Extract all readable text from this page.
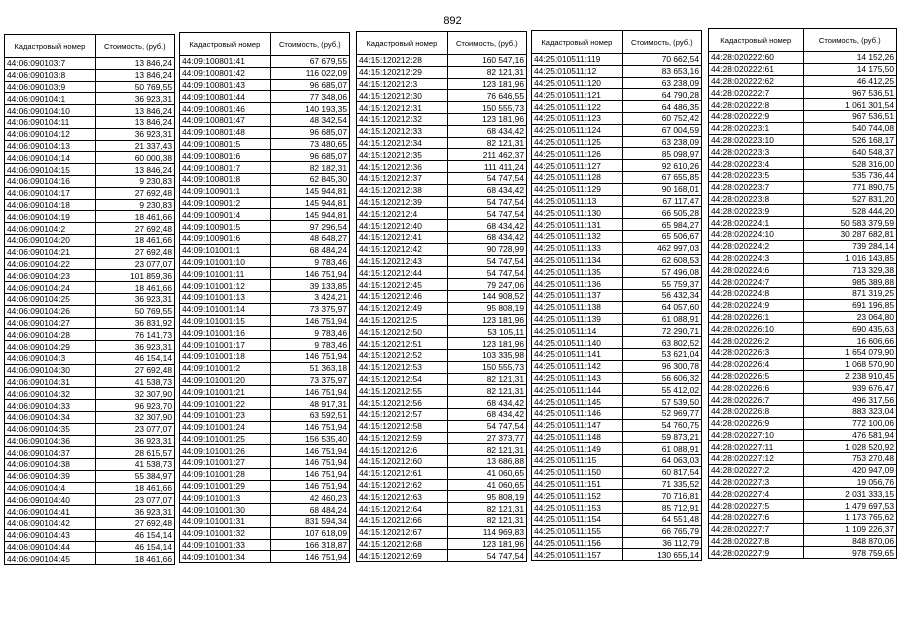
892
Кадастровый номер	Стоимость, (руб.)
44:06:090103:7	13 846,24
44:06:090103:8	13 846,24
44:06:090103:9	50 769,55
44:06:090104:1	36 923,31
44:06:090104:10	13 846,24
44:06:090104:11	13 846,24
44:06:090104:12	36 923,31
44:06:090104:13	21 337,43
44:06:090104:14	60 000,38
44:06:090104:15	13 846,24
44:06:090104:16	9 230,83
44:06:090104:17	27 692,48
44:06:090104:18	9 230,83
44:06:090104:19	18 461,66
44:06:090104:2	27 692,48
44:06:090104:20	18 461,66
44:06:090104:21	27 692,48
44:06:090104:22	23 077,07
44:06:090104:23	101 859,36
44:06:090104:24	18 461,66
44:06:090104:25	36 923,31
44:06:090104:26	50 769,55
44:06:090104:27	36 831,92
44:06:090104:28	76 141,73
44:06:090104:29	36 923,31
44:06:090104:3	46 154,14
44:06:090104:30	27 692,48
44:06:090104:31	41 538,73
44:06:090104:32	32 307,90
44:06:090104:33	96 923,70
44:06:090104:34	32 307,90
44:06:090104:35	23 077,07
44:06:090104:36	36 923,31
44:06:090104:37	28 615,57
44:06:090104:38	41 538,73
44:06:090104:39	55 384,97
44:06:090104:4	18 461,66
44:06:090104:40	23 077,07
44:06:090104:41	36 923,31
44:06:090104:42	27 692,48
44:06:090104:43	46 154,14
44:06:090104:44	46 154,14
44:06:090104:45	18 461,66
Кадастровый номер	Стоимость, (руб.)
44:09:100801:41	67 679,55
44:09:100801:42	116 022,09
44:09:100801:43	96 685,07
44:09:100801:44	77 348,06
44:09:100801:46	140 193,35
44:09:100801:47	48 342,54
44:09:100801:48	96 685,07
44:09:100801:5	73 480,65
44:09:100801:6	96 685,07
44:09:100801:7	82 182,31
44:09:100801:8	62 845,30
44:09:100901:1	145 944,81
44:09:100901:2	145 944,81
44:09:100901:4	145 944,81
44:09:100901:5	97 296,54
44:09:100901:6	48 648,27
44:09:101001:1	68 484,24
44:09:101001:10	9 783,46
44:09:101001:11	146 751,94
44:09:101001:12	39 133,85
44:09:101001:13	3 424,21
44:09:101001:14	73 375,97
44:09:101001:15	146 751,94
44:09:101001:16	9 783,46
44:09:101001:17	9 783,46
44:09:101001:18	146 751,94
44:09:101001:2	51 363,18
44:09:101001:20	73 375,97
44:09:101001:21	146 751,94
44:09:101001:22	48 917,31
44:09:101001:23	63 592,51
44:09:101001:24	146 751,94
44:09:101001:25	156 535,40
44:09:101001:26	146 751,94
44:09:101001:27	146 751,94
44:09:101001:28	146 751,94
44:09:101001:29	146 751,94
44:09:101001:3	42 460,23
44:09:101001:30	68 484,24
44:09:101001:31	831 594,34
44:09:101001:32	107 618,09
44:09:101001:33	166 318,87
44:09:101001:34	146 751,94
Кадастровый номер	Стоимость, (руб.)
44:15:120212:28	160 547,16
44:15:120212:29	82 121,31
44:15:120212:3	123 181,96
44:15:120212:30	76 646,55
44:15:120212:31	150 555,73
44:15:120212:32	123 181,96
44:15:120212:33	68 434,42
44:15:120212:34	82 121,31
44:15:120212:35	211 462,37
44:15:120212:36	111 411,24
44:15:120212:37	54 747,54
44:15:120212:38	68 434,42
44:15:120212:39	54 747,54
44:15:120212:4	54 747,54
44:15:120212:40	68 434,42
44:15:120212:41	68 434,42
44:15:120212:42	90 728,99
44:15:120212:43	54 747,54
44:15:120212:44	54 747,54
44:15:120212:45	79 247,06
44:15:120212:46	144 908,52
44:15:120212:49	95 808,19
44:15:120212:5	123 181,96
44:15:120212:50	53 105,11
44:15:120212:51	123 181,96
44:15:120212:52	103 335,98
44:15:120212:53	150 555,73
44:15:120212:54	82 121,31
44:15:120212:55	82 121,31
44:15:120212:56	68 434,42
44:15:120212:57	68 434,42
44:15:120212:58	54 747,54
44:15:120212:59	27 373,77
44:15:120212:6	82 121,31
44:15:120212:60	13 686,88
44:15:120212:61	41 060,65
44:15:120212:62	41 060,65
44:15:120212:63	95 808,19
44:15:120212:64	82 121,31
44:15:120212:66	82 121,31
44:15:120212:67	114 969,83
44:15:120212:68	123 181,96
44:15:120212:69	54 747,54
Кадастровый номер	Стоимость, (руб.)
44:25:010511:119	70 662,54
44:25:010511:12	83 653,16
44:25:010511:120	63 238,09
44:25:010511:121	64 790,28
44:25:010511:122	64 486,35
44:25:010511:123	60 752,42
44:25:010511:124	67 004,59
44:25:010511:125	63 238,09
44:25:010511:126	85 098,97
44:25:010511:127	92 610,26
44:25:010511:128	67 655,85
44:25:010511:129	90 168,01
44:25:010511:13	67 117,47
44:25:010511:130	66 505,28
44:25:010511:131	65 984,27
44:25:010511:132	65 506,67
44:25:010511:133	462 997,03
44:25:010511:134	62 608,53
44:25:010511:135	57 496,08
44:25:010511:136	55 759,37
44:25:010511:137	56 432,34
44:25:010511:138	64 057,60
44:25:010511:139	61 088,91
44:25:010511:14	72 290,71
44:25:010511:140	63 802,52
44:25:010511:141	53 621,04
44:25:010511:142	96 300,78
44:25:010511:143	56 606,32
44:25:010511:144	55 412,02
44:25:010511:145	57 539,50
44:25:010511:146	52 969,77
44:25:010511:147	54 760,75
44:25:010511:148	59 873,21
44:25:010511:149	61 088,91
44:25:010511:15	64 063,03
44:25:010511:150	60 817,54
44:25:010511:151	71 335,52
44:25:010511:152	70 716,81
44:25:010511:153	85 712,91
44:25:010511:154	64 551,48
44:25:010511:155	66 765,79
44:25:010511:156	36 112,79
44:25:010511:157	130 655,14
Кадастровый номер	Стоимость, (руб.)
44:28:020222:60	14 152,26
44:28:020222:61	14 175,50
44:28:020222:62	46 412,25
44:28:020222:7	967 536,51
44:28:020222:8	1 061 301,54
44:28:020222:9	967 536,51
44:28:020223:1	540 744,08
44:28:020223:10	526 168,17
44:28:020223:3	640 548,37
44:28:020223:4	528 316,00
44:28:020223:5	535 736,44
44:28:020223:7	771 890,75
44:28:020223:8	527 831,20
44:28:020223:9	528 444,20
44:28:020224:1	50 583 379,59
44:28:020224:10	30 287 682,81
44:28:020224:2	739 284,14
44:28:020224:3	1 016 143,85
44:28:020224:6	713 329,38
44:28:020224:7	985 389,88
44:28:020224:8	871 319,25
44:28:020224:9	691 196,85
44:28:020226:1	23 064,80
44:28:020226:10	690 435,63
44:28:020226:2	16 606,66
44:28:020226:3	1 654 079,90
44:28:020226:4	1 068 570,90
44:28:020226:5	2 238 910,45
44:28:020226:6	939 676,47
44:28:020226:7	496 317,56
44:28:020226:8	883 323,04
44:28:020226:9	772 100,06
44:28:020227:10	476 581,94
44:28:020227:11	1 028 520,92
44:28:020227:12	753 270,48
44:28:020227:2	420 947,09
44:28:020227:3	19 056,76
44:28:020227:4	2 031 333,15
44:28:020227:5	1 479 697,53
44:28:020227:6	1 173 765,62
44:28:020227:7	1 109 226,37
44:28:020227:8	848 870,06
44:28:020227:9	978 759,65
